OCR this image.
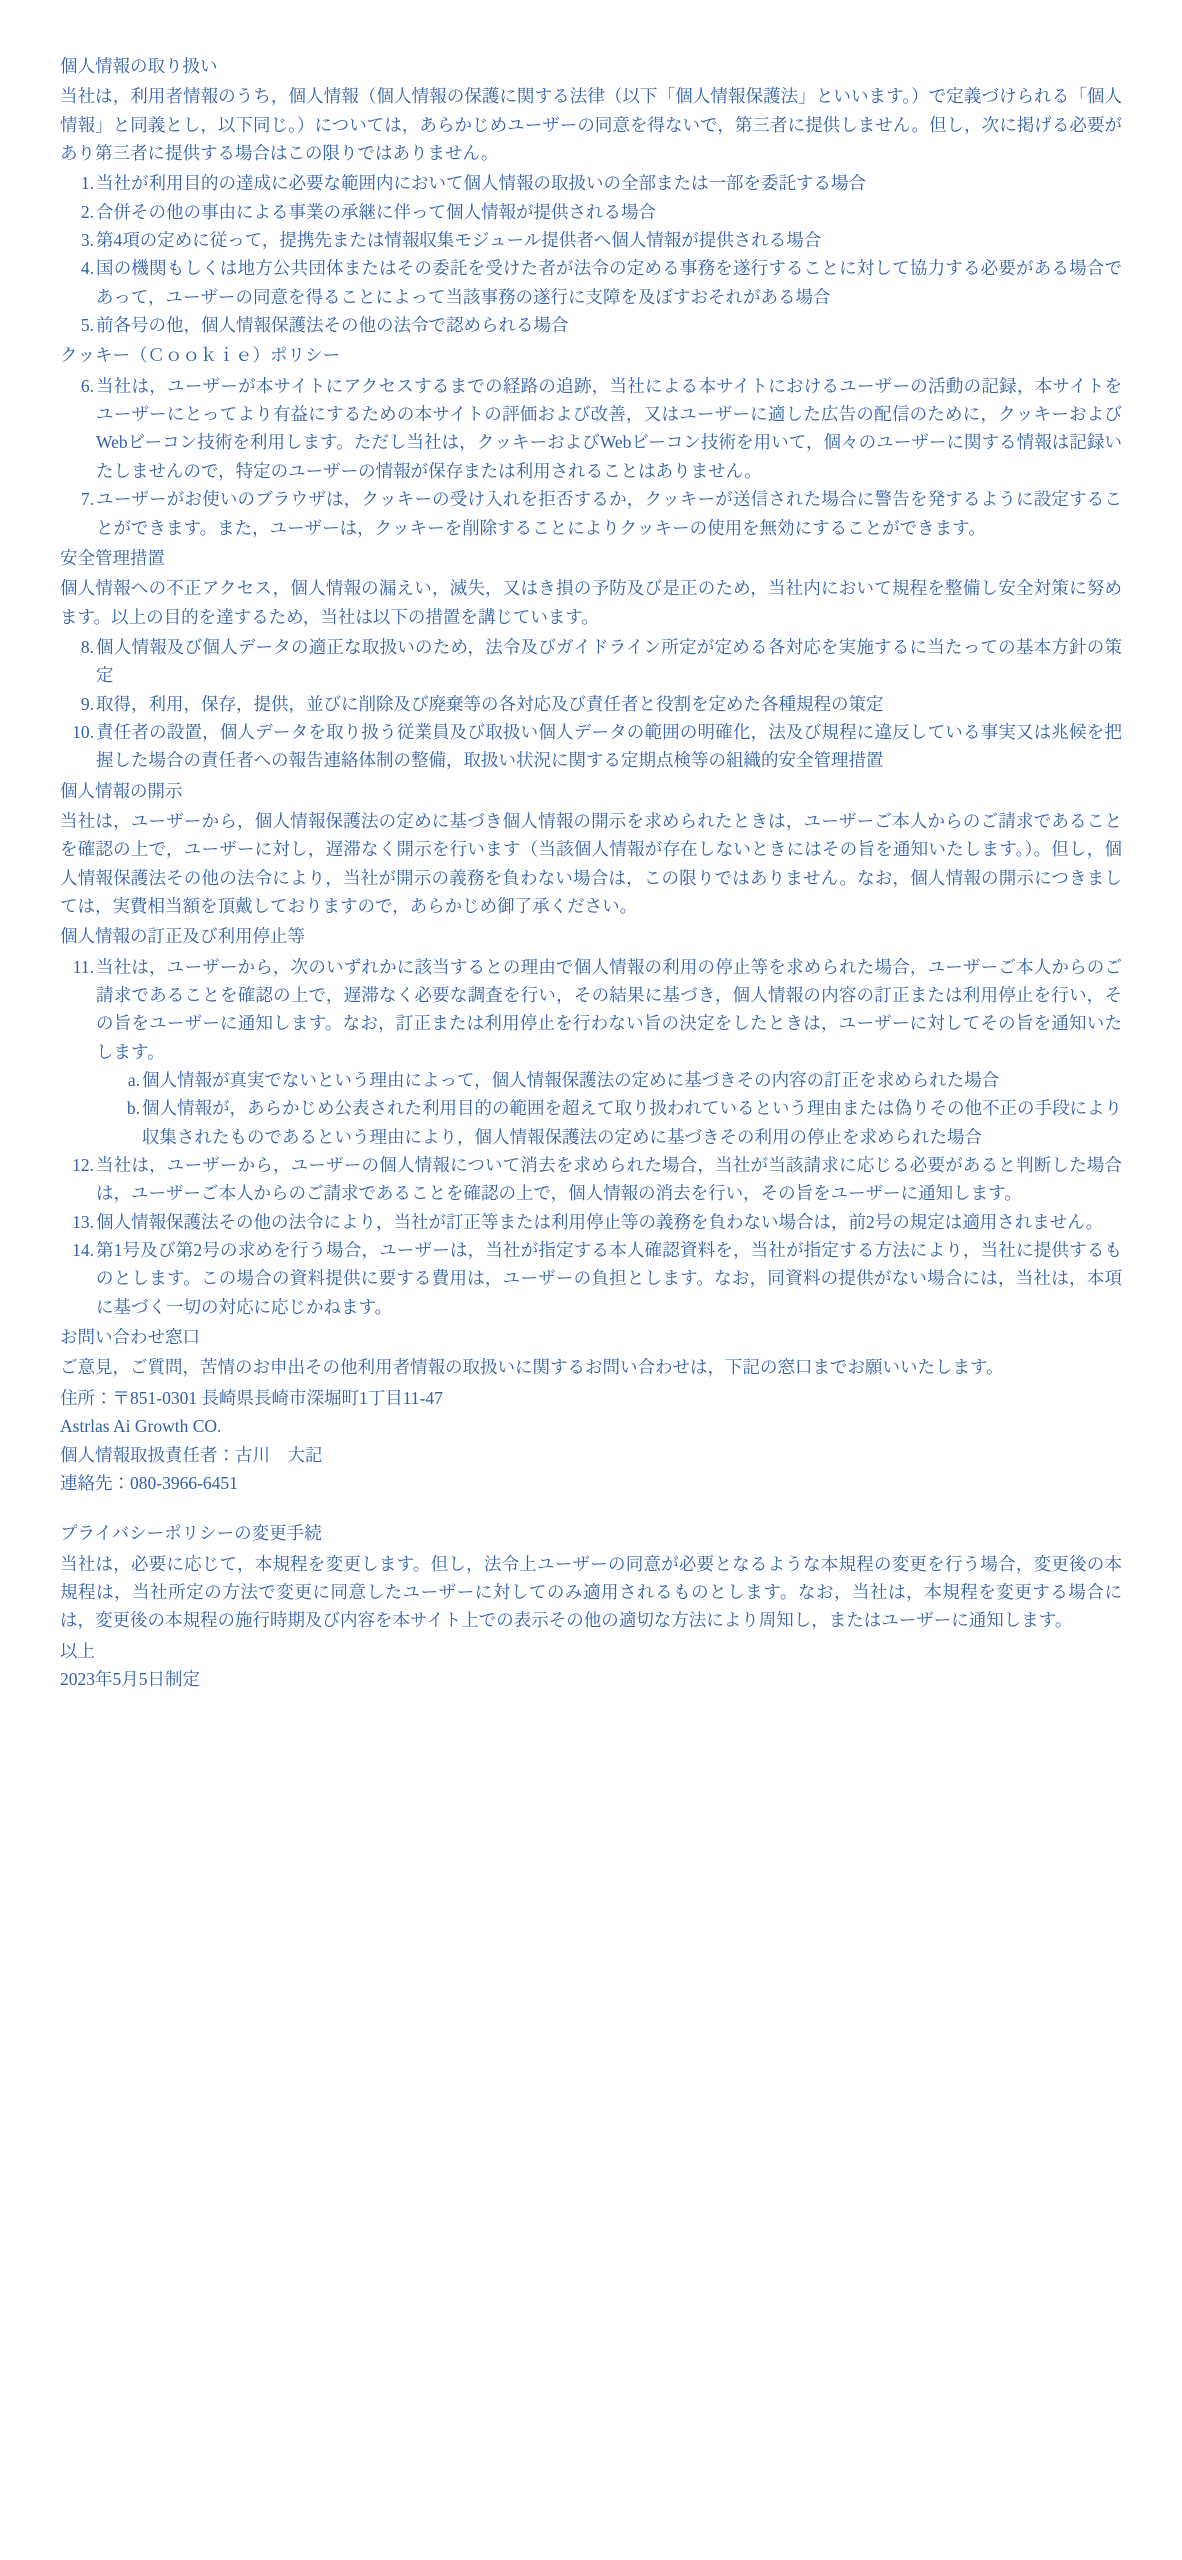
個人情報の取り扱い

当社は，利用者情報のうち，個人情報（個人情報の保護に関する法律（以下「個人情報保護法」といいます。）で定義づけられる「個人情報」と同義とし，以下同じ。）については，あらかじめユーザーの同意を得ないで，第三者に提供しません。但し，次に掲げる必要があり第三者に提供する場合はこの限りではありません。

1. 当社が利用目的の達成に必要な範囲内において個人情報の取扱いの全部または一部を委託する場合
2. 合併その他の事由による事業の承継に伴って個人情報が提供される場合
3. 第4項の定めに従って，提携先または情報収集モジュール提供者へ個人情報が提供される場合
4. 国の機関もしくは地方公共団体またはその委託を受けた者が法令の定める事務を遂行することに対して協力する必要がある場合であって，ユーザーの同意を得ることによって当該事務の遂行に支障を及ぼすおそれがある場合
5. 前各号の他，個人情報保護法その他の法令で認められる場合
クッキー（Ｃｏｏｋｉｅ）ポリシー
6. 当社は，ユーザーが本サイトにアクセスするまでの経路の追跡，当社による本サイトにおけるユーザーの活動の記録，本サイトをユーザーにとってより有益にするための本サイトの評価および改善，又はユーザーに適した広告の配信のために，クッキーおよびWebビーコン技術を利用します。ただし当社は，クッキーおよびWebビーコン技術を用いて，個々のユーザーに関する情報は記録いたしませんので，特定のユーザーの情報が保存または利用されることはありません。
7. ユーザーがお使いのブラウザは，クッキーの受け入れを拒否するか，クッキーが送信された場合に警告を発するように設定することができます。また，ユーザーは，クッキーを削除することによりクッキーの使用を無効にすることができます。
安全管理措置

個人情報への不正アクセス，個人情報の漏えい，滅失，又はき損の予防及び是正のため，当社内において規程を整備し安全対策に努めます。以上の目的を達するため，当社は以下の措置を講じています。

8. 個人情報及び個人データの適正な取扱いのため，法令及びガイドライン所定が定める各対応を実施するに当たっての基本方針の策定
9. 取得，利用，保存，提供，並びに削除及び廃棄等の各対応及び責任者と役割を定めた各種規程の策定
10. 責任者の設置，個人データを取り扱う従業員及び取扱い個人データの範囲の明確化，法及び規程に違反している事実又は兆候を把握した場合の責任者への報告連絡体制の整備，取扱い状況に関する定期点検等の組織的安全管理措置
個人情報の開示

当社は，ユーザーから，個人情報保護法の定めに基づき個人情報の開示を求められたときは，ユーザーご本人からのご請求であることを確認の上で，ユーザーに対し，遅滞なく開示を行います（当該個人情報が存在しないときにはその旨を通知いたします。）。但し，個人情報保護法その他の法令により，当社が開示の義務を負わない場合は，この限りではありません。なお，個人情報の開示につきましては，実費相当額を頂戴しておりますので，あらかじめ御了承ください。

個人情報の訂正及び利用停止等
11. 当社は，ユーザーから，次のいずれかに該当するとの理由で個人情報の利用の停止等を求められた場合，ユーザーご本人からのご請求であることを確認の上で，遅滞なく必要な調査を行い，その結果に基づき，個人情報の内容の訂正または利用停止を行い，その旨をユーザーに通知します。なお，訂正または利用停止を行わない旨の決定をしたときは，ユーザーに対してその旨を通知いたします。
a. 個人情報が真実でないという理由によって，個人情報保護法の定めに基づきその内容の訂正を求められた場合
b. 個人情報が，あらかじめ公表された利用目的の範囲を超えて取り扱われているという理由または偽りその他不正の手段により収集されたものであるという理由により，個人情報保護法の定めに基づきその利用の停止を求められた場合
12. 当社は，ユーザーから，ユーザーの個人情報について消去を求められた場合，当社が当該請求に応じる必要があると判断した場合は，ユーザーご本人からのご請求であることを確認の上で，個人情報の消去を行い，その旨をユーザーに通知します。
13. 個人情報保護法その他の法令により，当社が訂正等または利用停止等の義務を負わない場合は，前2号の規定は適用されません。
14. 第1号及び第2号の求めを行う場合，ユーザーは，当社が指定する本人確認資料を，当社が指定する方法により，当社に提供するものとします。この場合の資料提供に要する費用は，ユーザーの負担とします。なお，同資料の提供がない場合には，当社は，本項に基づく一切の対応に応じかねます。
お問い合わせ窓口

ご意見，ご質問，苦情のお申出その他利用者情報の取扱いに関するお問い合わせは，下記の窓口までお願いいたします。

住所：〒851-0301 長崎県長崎市深堀町1丁目11-47
Astrlas Ai Growth CO.
個人情報取扱責任者：古川　大記
連絡先：080-3966-6451
プライバシーポリシーの変更手続

当社は，必要に応じて，本規程を変更します。但し，法令上ユーザーの同意が必要となるような本規程の変更を行う場合，変更後の本規程は，当社所定の方法で変更に同意したユーザーに対してのみ適用されるものとします。なお，当社は，本規程を変更する場合には，変更後の本規程の施行時期及び内容を本サイト上での表示その他の適切な方法により周知し，またはユーザーに通知します。

以上
2023年5月5日制定
